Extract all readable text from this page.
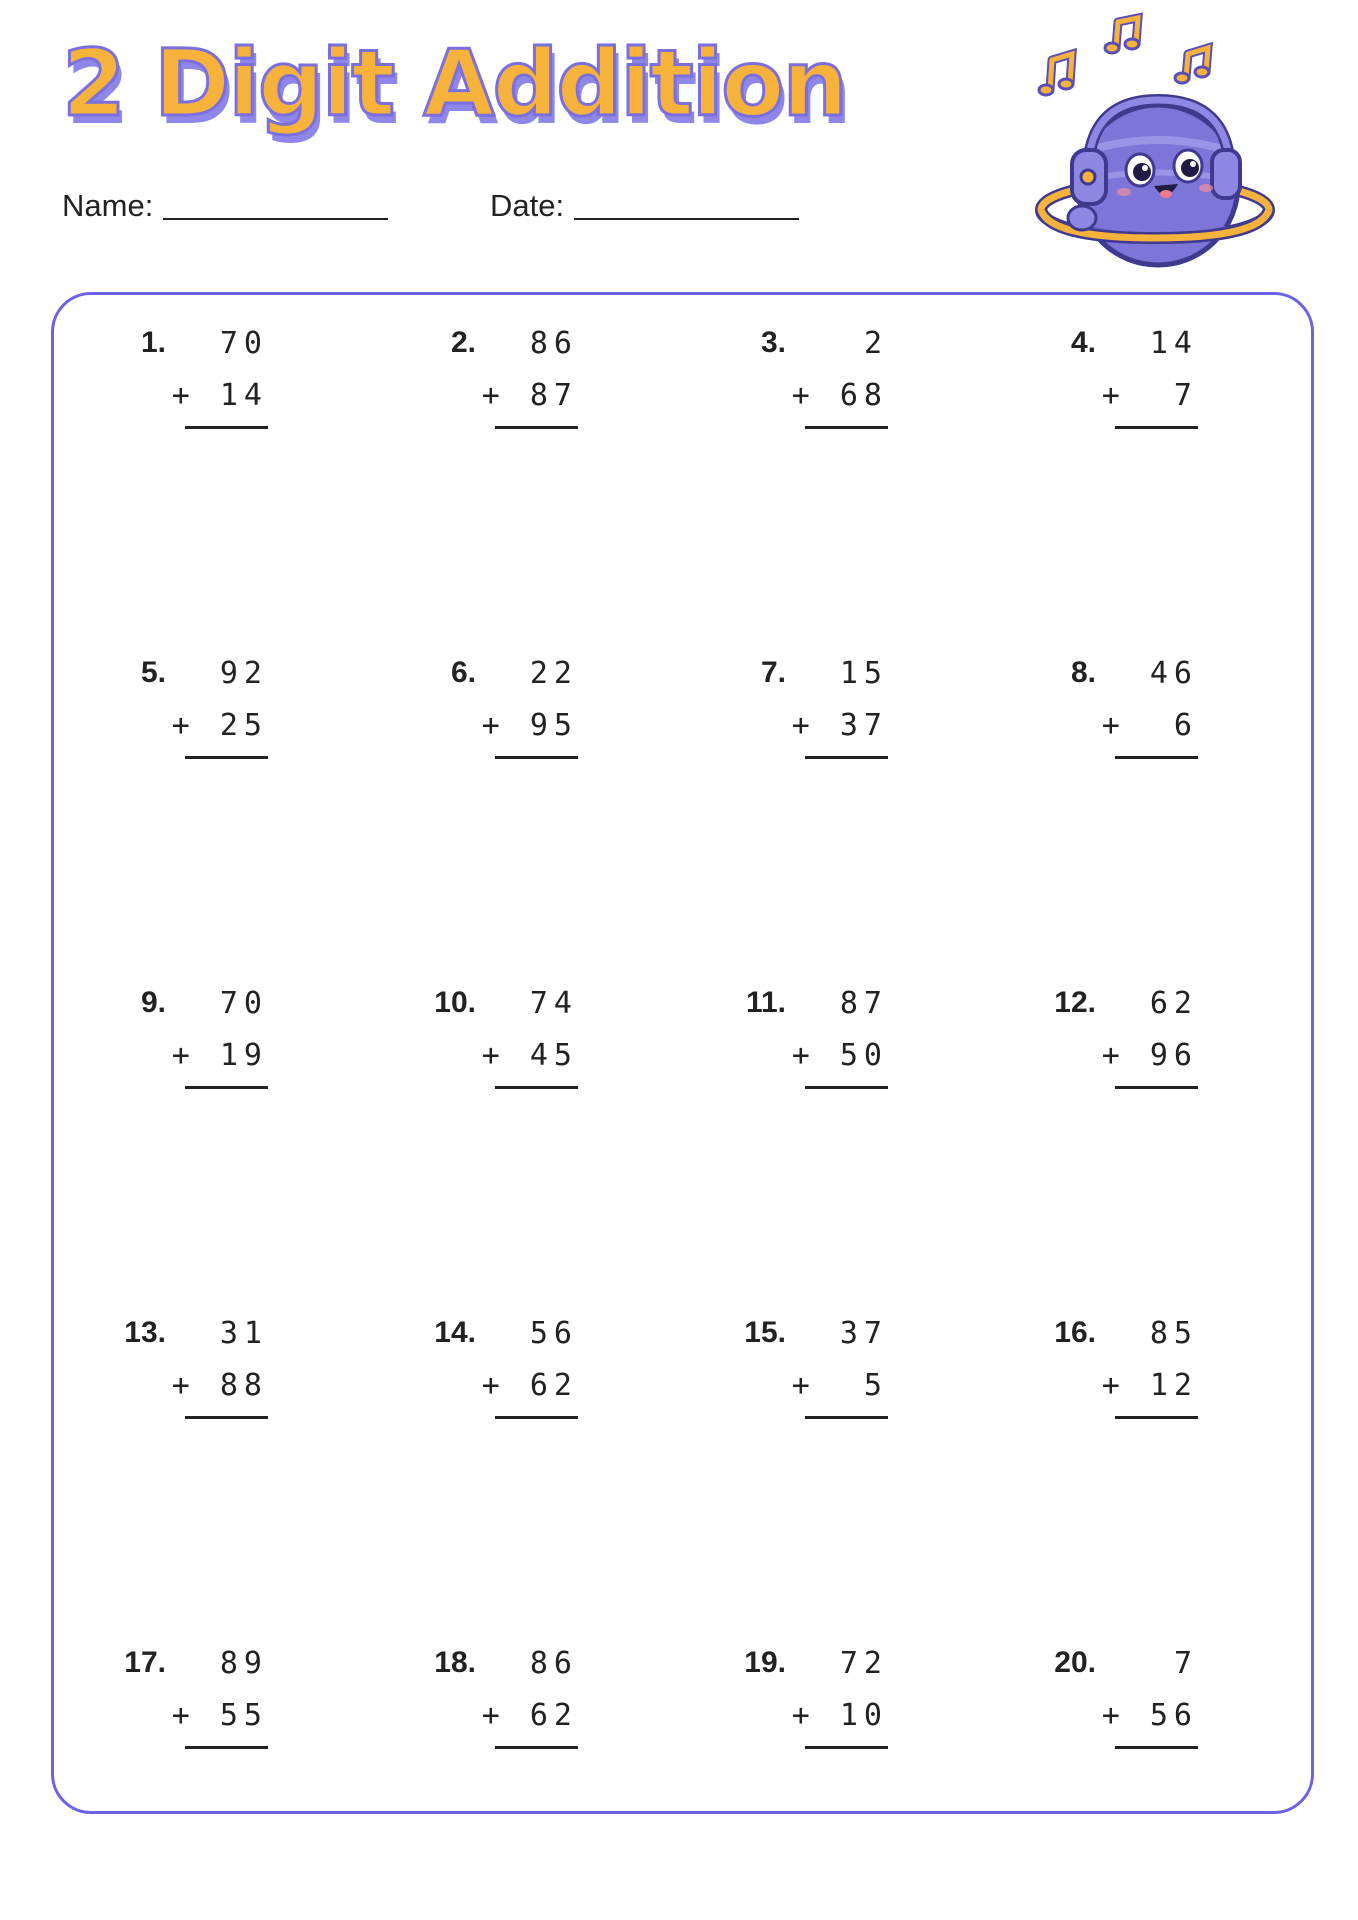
2 Digit Addition
Name:	Date:
1. 70
+ 14
2. 86
+ 87
3.	2
+ 68
4. 14
+  7
5. 92
+ 25
6. 22
+ 95
7. 15
+ 37
8. 46
+  6
9. 70
+ 19
10. 74
+ 45
11. 87
+ 50
12. 62
+ 96
13. 31
+ 88
14. 56
+ 62
15. 37
+  5
16. 85
+ 12
17. 89
+ 55
18. 86
+ 62
19. 72
+ 10
20.	7
+ 56
